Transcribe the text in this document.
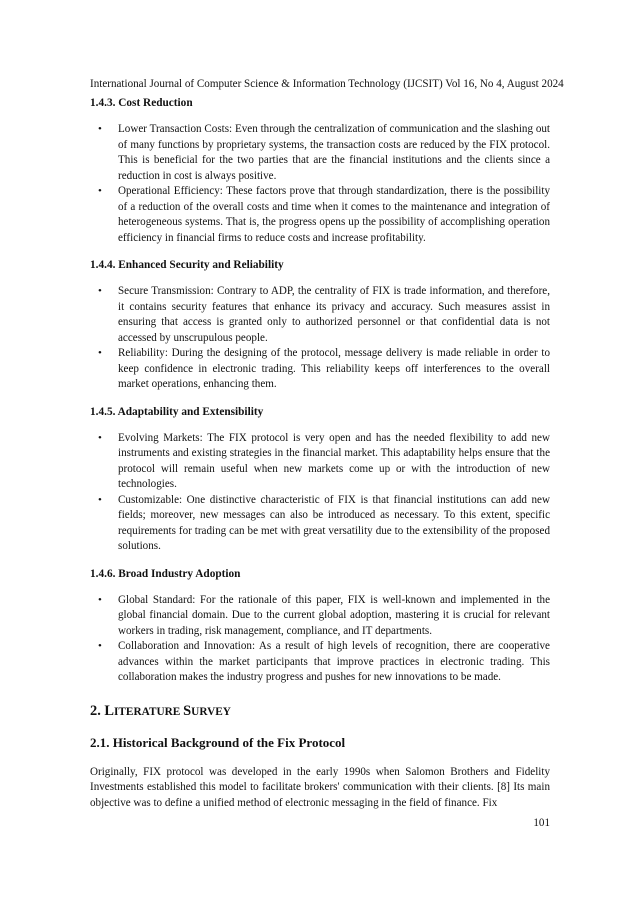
International Journal of Computer Science & Information Technology (IJCSIT) Vol 16, No 4, August 2024
1.4.3. Cost Reduction
• Lower Transaction Costs: Even through the centralization of communication and the slashing out of many functions by proprietary systems, the transaction costs are reduced by the FIX protocol. This is beneficial for the two parties that are the financial institutions and the clients since a reduction in cost is always positive.
• Operational Efficiency: These factors prove that through standardization, there is the possibility of a reduction of the overall costs and time when it comes to the maintenance and integration of heterogeneous systems. That is, the progress opens up the possibility of accomplishing operation efficiency in financial firms to reduce costs and increase profitability.
1.4.4. Enhanced Security and Reliability
• Secure Transmission: Contrary to ADP, the centrality of FIX is trade information, and therefore, it contains security features that enhance its privacy and accuracy. Such measures assist in ensuring that access is granted only to authorized personnel or that confidential data is not accessed by unscrupulous people.
• Reliability: During the designing of the protocol, message delivery is made reliable in order to keep confidence in electronic trading. This reliability keeps off interferences to the overall market operations, enhancing them.
1.4.5. Adaptability and Extensibility
• Evolving Markets: The FIX protocol is very open and has the needed flexibility to add new instruments and existing strategies in the financial market. This adaptability helps ensure that the protocol will remain useful when new markets come up or with the introduction of new technologies.
• Customizable: One distinctive characteristic of FIX is that financial institutions can add new fields; moreover, new messages can also be introduced as necessary. To this extent, specific requirements for trading can be met with great versatility due to the extensibility of the proposed solutions.
1.4.6. Broad Industry Adoption
• Global Standard: For the rationale of this paper, FIX is well-known and implemented in the global financial domain. Due to the current global adoption, mastering it is crucial for relevant workers in trading, risk management, compliance, and IT departments.
• Collaboration and Innovation: As a result of high levels of recognition, there are cooperative advances within the market participants that improve practices in electronic trading. This collaboration makes the industry progress and pushes for new innovations to be made.
2. LITERATURE SURVEY
2.1. Historical Background of the Fix Protocol

Originally, FIX protocol was developed in the early 1990s when Salomon Brothers and Fidelity Investments established this model to facilitate brokers' communication with their clients. [8] Its main objective was to define a unified method of electronic messaging in the field of finance. Fix

101
